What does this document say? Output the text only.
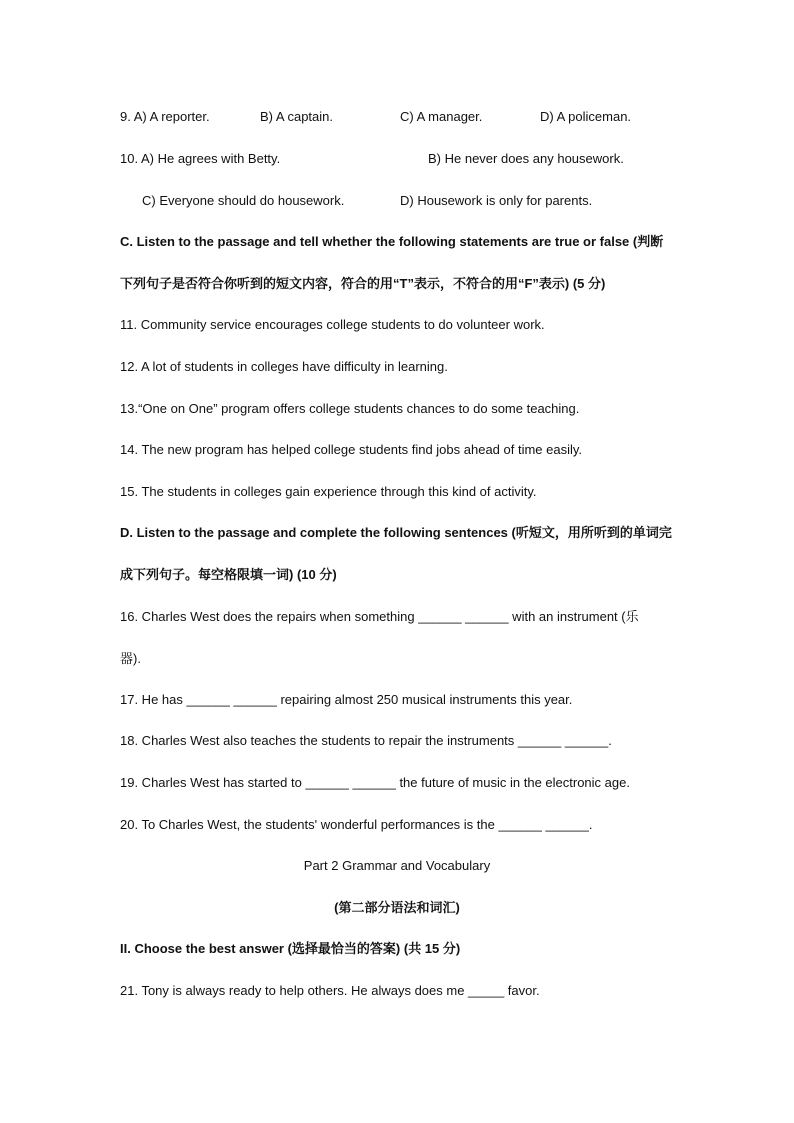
9. A) A reporter.	B) A captain.	C) A manager.	D) A policeman.
10. A) He agrees with Betty.	B) He never does any housework.
C) Everyone should do housework.	D) Housework is only for parents.
C. Listen to the passage and tell whether the following statements are true or false (判断
下列句子是否符合你听到的短文内容，符合的用“T”表示，不符合的用“F”表示) (5 分)
11. Community service encourages college students to do volunteer work.
12. A lot of students in colleges have difficulty in learning.
13.“One on One” program offers college students chances to do some teaching.
14. The new program has helped college students find jobs ahead of time easily.
15. The students in colleges gain experience through this kind of activity.
D. Listen to the passage and complete the following sentences (听短文，用所听到的单词完
成下列句子。每空格限填一词) (10 分)
16. Charles West does the repairs when something ______ ______ with an instrument (乐
器).
17. He has ______ ______ repairing almost 250 musical instruments this year.
18. Charles West also teaches the students to repair the instruments ______ ______.
19. Charles West has started to ______ ______ the future of music in the electronic age.
20. To Charles West, the students' wonderful performances is the ______ ______.
Part 2 Grammar and Vocabulary
(第二部分语法和词汇)
II. Choose the best answer (选择最恰当的答案) (共 15 分)
21. Tony is always ready to help others. He always does me _____ favor.
